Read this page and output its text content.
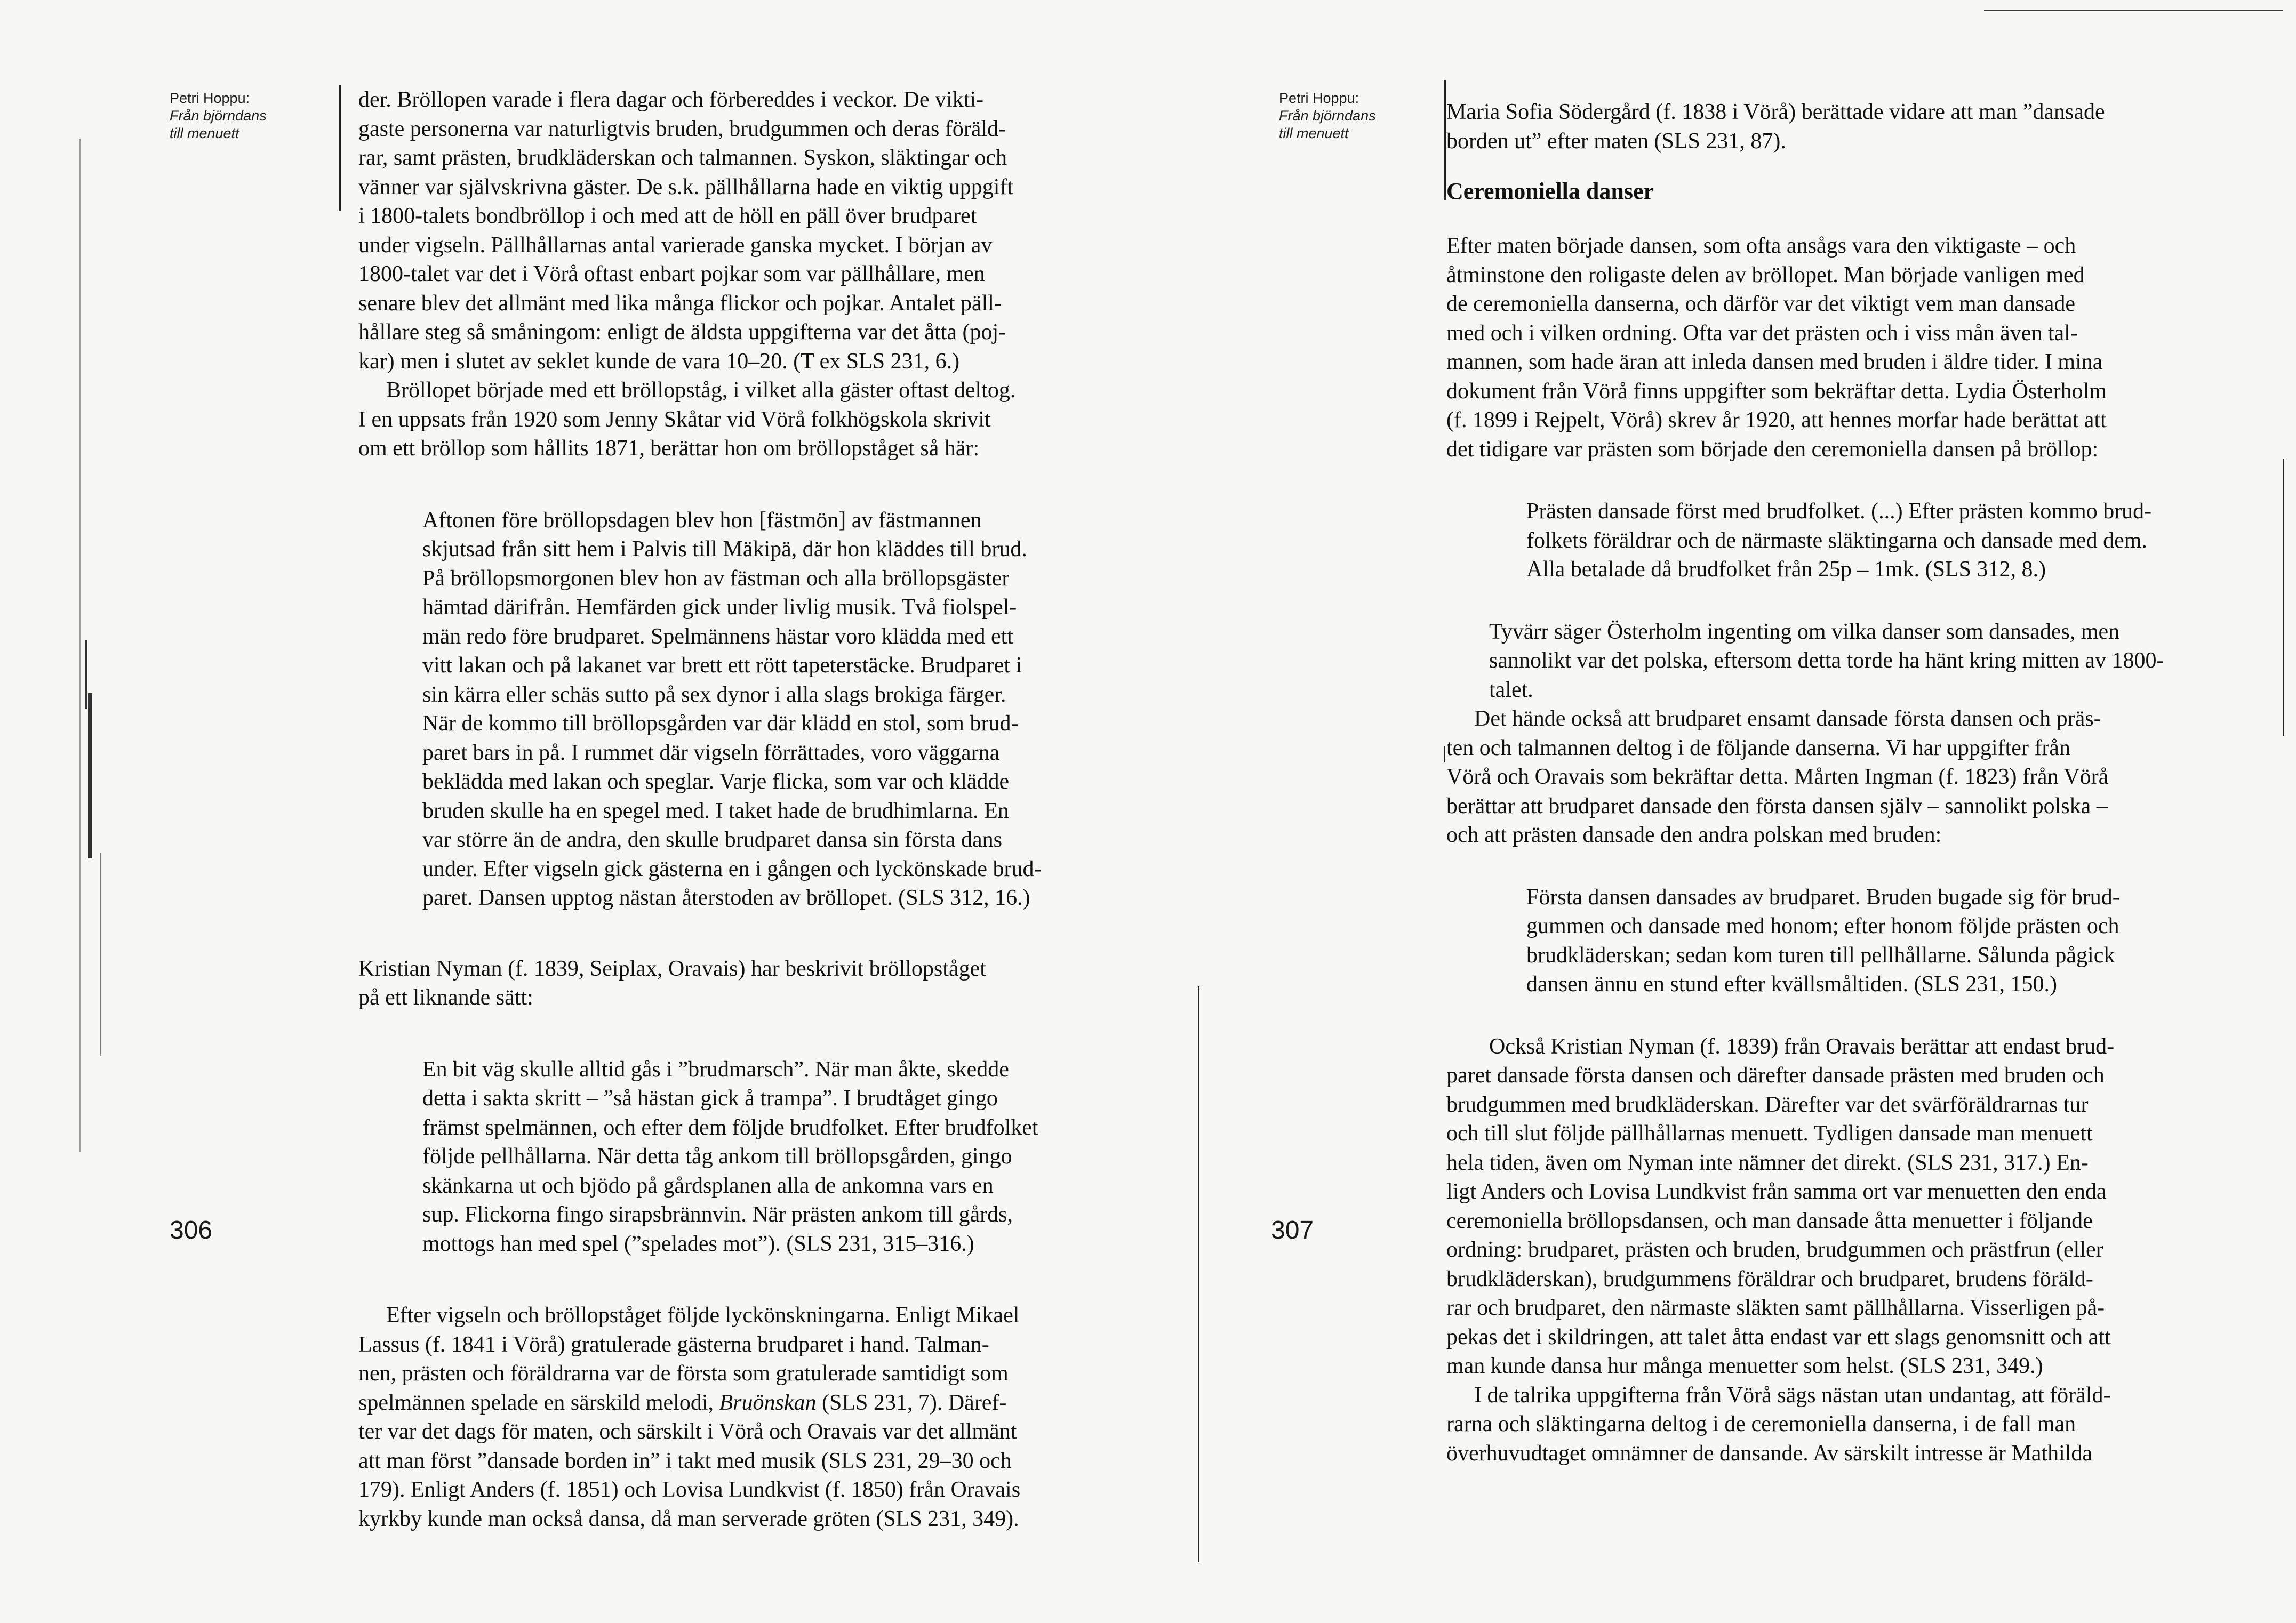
Petri Hoppu:
Från björndans
till menuett

der. Bröllopen varade i flera dagar och förbereddes i veckor. De vikti-
gaste personerna var naturligtvis bruden, brudgummen och deras föräld-
rar, samt prästen, brudkläderskan och talmannen. Syskon, släktingar och
vänner var självskrivna gäster. De s.k. pällhållarna hade en viktig uppgift
i 1800-talets bondbröllop i och med att de höll en päll över brudparet
under vigseln. Pällhållarnas antal varierade ganska mycket. I början av
1800-talet var det i Vörå oftast enbart pojkar som var pällhållare, men
senare blev det allmänt med lika många flickor och pojkar. Antalet päll-
hållare steg så småningom: enligt de äldsta uppgifterna var det åtta (poj-
kar) men i slutet av seklet kunde de vara 10–20. (T ex SLS 231, 6.)

Bröllopet började med ett bröllopståg, i vilket alla gäster oftast deltog.
I en uppsats från 1920 som Jenny Skåtar vid Vörå folkhögskola skrivit
om ett bröllop som hållits 1871, berättar hon om bröllopståget så här:

Aftonen före bröllopsdagen blev hon [fästmön] av fästmannen
skjutsad från sitt hem i Palvis till Mäkipä, där hon kläddes till brud.
På bröllopsmorgonen blev hon av fästman och alla bröllopsgäster
hämtad därifrån. Hemfärden gick under livlig musik. Två fiolspel-
män redo före brudparet. Spelmännens hästar voro klädda med ett
vitt lakan och på lakanet var brett ett rött tapeterstäcke. Brudparet i
sin kärra eller schäs sutto på sex dynor i alla slags brokiga färger.
När de kommo till bröllopsgården var där klädd en stol, som brud-
paret bars in på. I rummet där vigseln förrättades, voro väggarna
beklädda med lakan och speglar. Varje flicka, som var och klädde
bruden skulle ha en spegel med. I taket hade de brudhimlarna. En
var större än de andra, den skulle brudparet dansa sin första dans
under. Efter vigseln gick gästerna en i gången och lyckönskade brud-
paret. Dansen upptog nästan återstoden av bröllopet. (SLS 312, 16.)

Kristian Nyman (f. 1839, Seiplax, Oravais) har beskrivit bröllopståget
på ett liknande sätt:

En bit väg skulle alltid gås i ”brudmarsch”. När man åkte, skedde
detta i sakta skritt – ”så hästan gick å trampa”. I brudtåget gingo
främst spelmännen, och efter dem följde brudfolket. Efter brudfolket
följde pellhållarna. När detta tåg ankom till bröllopsgården, gingo
skänkarna ut och bjödo på gårdsplanen alla de ankomna vars en
sup. Flickorna fingo sirapsbrännvin. När prästen ankom till gårds,
mottogs han med spel (”spelades mot”). (SLS 231, 315–316.)

Efter vigseln och bröllopståget följde lyckönskningarna. Enligt Mikael
Lassus (f. 1841 i Vörå) gratulerade gästerna brudparet i hand. Talman-
nen, prästen och föräldrarna var de första som gratulerade samtidigt som
spelmännen spelade en särskild melodi, Bruönskan (SLS 231, 7). Däref-
ter var det dags för maten, och särskilt i Vörå och Oravais var det allmänt
att man först ”dansade borden in” i takt med musik (SLS 231, 29–30 och
179). Enligt Anders (f. 1851) och Lovisa Lundkvist (f. 1850) från Oravais
kyrkby kunde man också dansa, då man serverade gröten (SLS 231, 349).

306
Petri Hoppu:
Från björndans
till menuett
307

Maria Sofia Södergård (f. 1838 i Vörå) berättade vidare att man ”dansade
borden ut” efter maten (SLS 231, 87).

Ceremoniella danser

Efter maten började dansen, som ofta ansågs vara den viktigaste – och
åtminstone den roligaste delen av bröllopet. Man började vanligen med
de ceremoniella danserna, och därför var det viktigt vem man dansade
med och i vilken ordning. Ofta var det prästen och i viss mån även tal-
mannen, som hade äran att inleda dansen med bruden i äldre tider. I mina
dokument från Vörå finns uppgifter som bekräftar detta. Lydia Österholm
(f. 1899 i Rejpelt, Vörå) skrev år 1920, att hennes morfar hade berättat att
det tidigare var prästen som började den ceremoniella dansen på bröllop:

Prästen dansade först med brudfolket. (...) Efter prästen kommo brud-
folkets föräldrar och de närmaste släktingarna och dansade med dem.
Alla betalade då brudfolket från 25p – 1mk. (SLS 312, 8.)

Tyvärr säger Österholm ingenting om vilka danser som dansades, men
sannolikt var det polska, eftersom detta torde ha hänt kring mitten av 1800-
talet.

Det hände också att brudparet ensamt dansade första dansen och präs-
ten och talmannen deltog i de följande danserna. Vi har uppgifter från
Vörå och Oravais som bekräftar detta. Mårten Ingman (f. 1823) från Vörå
berättar att brudparet dansade den första dansen själv – sannolikt polska –
och att prästen dansade den andra polskan med bruden:

Första dansen dansades av brudparet. Bruden bugade sig för brud-
gummen och dansade med honom; efter honom följde prästen och
brudkläderskan; sedan kom turen till pellhållarne. Sålunda pågick
dansen ännu en stund efter kvällsmåltiden. (SLS 231, 150.)

Också Kristian Nyman (f. 1839) från Oravais berättar att endast brud-
paret dansade första dansen och därefter dansade prästen med bruden och
brudgummen med brudkläderskan. Därefter var det svärföräldrarnas tur
och till slut följde pällhållarnas menuett. Tydligen dansade man menuett
hela tiden, även om Nyman inte nämner det direkt. (SLS 231, 317.) En-
ligt Anders och Lovisa Lundkvist från samma ort var menuetten den enda
ceremoniella bröllopsdansen, och man dansade åtta menuetter i följande
ordning: brudparet, prästen och bruden, brudgummen och prästfrun (eller
brudkläderskan), brudgummens föräldrar och brudparet, brudens föräld-
rar och brudparet, den närmaste släkten samt pällhållarna. Visserligen på-
pekas det i skildringen, att talet åtta endast var ett slags genomsnitt och att
man kunde dansa hur många menuetter som helst. (SLS 231, 349.)

I de talrika uppgifterna från Vörå sägs nästan utan undantag, att föräld-
rarna och släktingarna deltog i de ceremoniella danserna, i de fall man
överhuvudtaget omnämner de dansande. Av särskilt intresse är Mathilda
